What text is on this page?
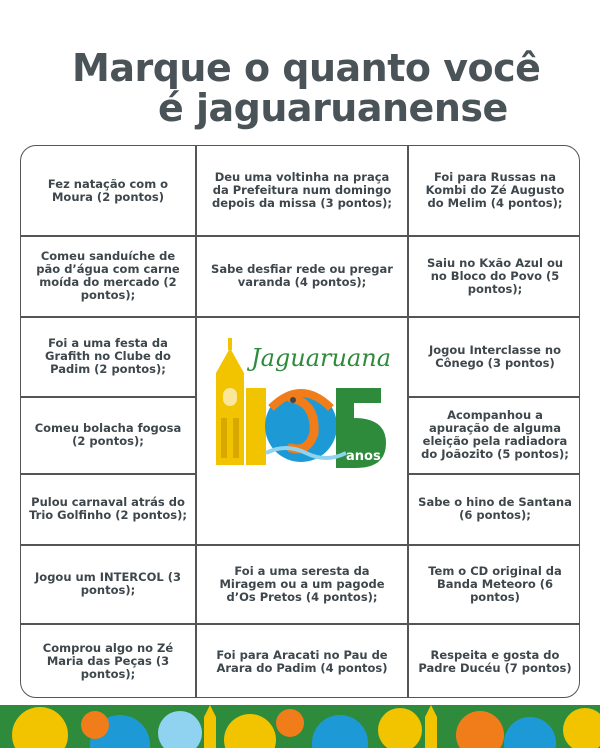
Marque o quanto você
é jaguaruanense
Fez natação com o Moura (2 pontos)
Deu uma voltinha na praça da Prefeitura num domingo depois da missa (3 pontos);
Foi para Russas na Kombi do Zé Augusto do Melim (4 pontos);
Comeu sanduíche de pão d’água com carne moída do mercado (2 pontos);
Sabe desfiar rede ou pregar varanda (4 pontos);
Saiu no Kxão Azul ou no Bloco do Povo (5 pontos);
Foi a uma festa da Grafith no Clube do Padim (2 pontos);
Jogou Interclasse no Cônego (3 pontos)
Comeu bolacha fogosa (2 pontos);
Acompanhou a apuração de alguma eleição pela radiadora do Joãozito (5 pontos);
Pulou carnaval atrás do Trio Golfinho (2 pontos);
Sabe o hino de Santana (6 pontos);
Jogou um INTERCOL (3 pontos);
Foi a uma seresta da Miragem ou a um pagode d’Os Pretos (4 pontos);
Tem o CD original da Banda Meteoro (6 pontos)
Comprou algo no Zé Maria das Peças (3 pontos);
Foi para Aracati no Pau de Arara do Padim (4 pontos)
Respeita e gosta do Padre Ducéu (7 pontos)
Jaguaruana
anos
